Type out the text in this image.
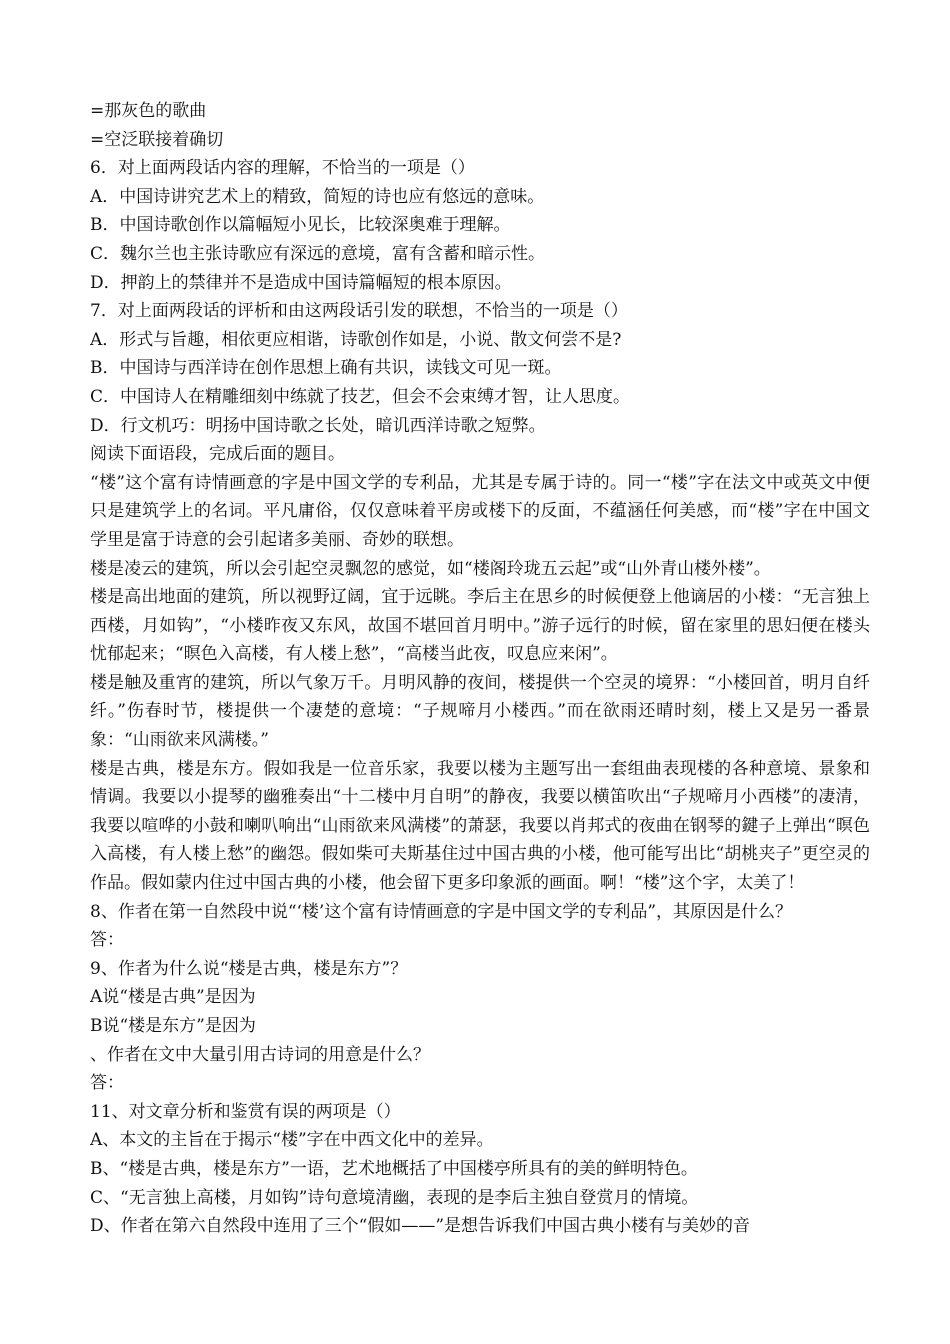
=那灰色的歌曲

=空泛联接着确切

6．对上面两段话内容的理解，不恰当的一项是（）

A．中国诗讲究艺术上的精致，简短的诗也应有悠远的意味。

B．中国诗歌创作以篇幅短小见长，比较深奥难于理解。

C．魏尔兰也主张诗歌应有深远的意境，富有含蓄和暗示性。

D．押韵上的禁律并不是造成中国诗篇幅短的根本原因。

7．对上面两段话的评析和由这两段话引发的联想，不恰当的一项是（）

A．形式与旨趣，相依更应相谐，诗歌创作如是，小说、散文何尝不是?

B．中国诗与西洋诗在创作思想上确有共识，读钱文可见一斑。

C．中国诗人在精雕细刻中练就了技艺，但会不会束缚才智，让人思度。

D．行文机巧：明扬中国诗歌之长处，暗讥西洋诗歌之短弊。

阅读下面语段，完成后面的题目。

“楼”这个富有诗情画意的字是中国文学的专利品，尤其是专属于诗的。同一“楼”字在法文中或英文中便只是建筑学上的名词。平凡庸俗，仅仅意味着平房或楼下的反面，不蕴涵任何美感，而“楼”字在中国文学里是富于诗意的会引起诸多美丽、奇妙的联想。

楼是凌云的建筑，所以会引起空灵飘忽的感觉，如“楼阁玲珑五云起”或“山外青山楼外楼”。

楼是高出地面的建筑，所以视野辽阔，宜于远眺。李后主在思乡的时候便登上他谪居的小楼：“无言独上西楼，月如钩”，“小楼昨夜又东风，故国不堪回首月明中。”游子远行的时候，留在家里的思妇便在楼头忧郁起来；“暝色入高楼，有人楼上愁”，“高楼当此夜，叹息应来闲”。

楼是触及重宵的建筑，所以气象万千。月明风静的夜间，楼提供一个空灵的境界：“小楼回首，明月自纤纤。”伤春时节，楼提供一个凄楚的意境：“子规啼月小楼西。”而在欲雨还晴时刻，楼上又是另一番景象：“山雨欲来风满楼。”

楼是古典，楼是东方。假如我是一位音乐家，我要以楼为主题写出一套组曲表现楼的各种意境、景象和情调。我要以小提琴的幽雅奏出“十二楼中月自明”的静夜，我要以横笛吹出“子规啼月小西楼”的凄清，我要以喧哗的小鼓和喇叭响出“山雨欲来风满楼”的萧瑟，我要以肖邦式的夜曲在钢琴的鍵子上弹出“暝色入高楼，有人楼上愁”的幽怨。假如柴可夫斯基住过中国古典的小楼，他可能写出比“胡桃夹子”更空灵的作品。假如蒙内住过中国古典的小楼，他会留下更多印象派的画面。啊！“楼”这个字，太美了！

8、作者在第一自然段中说“‘楼’这个富有诗情画意的字是中国文学的专利品”，其原因是什么？

答：

9、作者为什么说“楼是古典，楼是东方”？

A说“楼是古典”是因为

B说“楼是东方”是因为

、作者在文中大量引用古诗词的用意是什么？

答：

11、对文章分析和鉴赏有误的两项是（）

A、本文的主旨在于揭示“楼”字在中西文化中的差异。

B、“楼是古典，楼是东方”一语，艺术地概括了中国楼亭所具有的美的鲜明特色。

C、“无言独上高楼，月如钩”诗句意境清幽，表现的是李后主独自登赏月的情境。

D、作者在第六自然段中连用了三个“假如——”是想告诉我们中国古典小楼有与美妙的音
